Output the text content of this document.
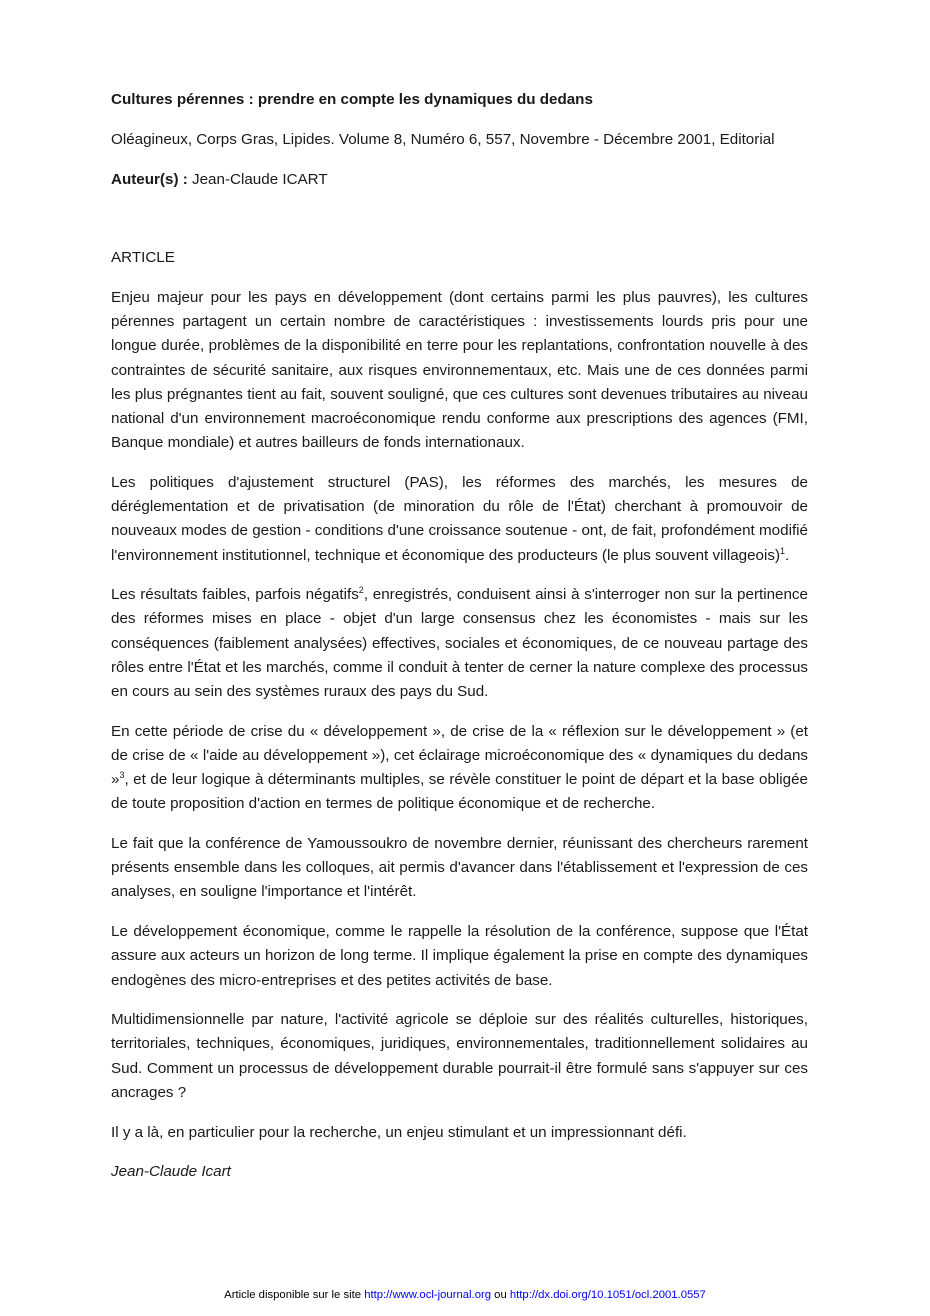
Cultures pérennes : prendre en compte les dynamiques du dedans
Oléagineux, Corps Gras, Lipides. Volume 8, Numéro 6, 557, Novembre - Décembre 2001, Editorial
Auteur(s) : Jean-Claude ICART
ARTICLE

Enjeu majeur pour les pays en développement (dont certains parmi les plus pauvres), les cultures pérennes partagent un certain nombre de caractéristiques : investissements lourds pris pour une longue durée, problèmes de la disponibilité en terre pour les replantations, confrontation nouvelle à des contraintes de sécurité sanitaire, aux risques environnementaux, etc. Mais une de ces données parmi les plus prégnantes tient au fait, souvent souligné, que ces cultures sont devenues tributaires au niveau national d'un environnement macroéconomique rendu conforme aux prescriptions des agences (FMI, Banque mondiale) et autres bailleurs de fonds internationaux.

Les politiques d'ajustement structurel (PAS), les réformes des marchés, les mesures de déréglementation et de privatisation (de minoration du rôle de l'État) cherchant à promouvoir de nouveaux modes de gestion - conditions d'une croissance soutenue - ont, de fait, profondément modifié l'environnement institutionnel, technique et économique des producteurs (le plus souvent villageois)$^1$.

Les résultats faibles, parfois négatifs$^2$, enregistrés, conduisent ainsi à s'interroger non sur la pertinence des réformes mises en place - objet d'un large consensus chez les économistes - mais sur les conséquences (faiblement analysées) effectives, sociales et économiques, de ce nouveau partage des rôles entre l'État et les marchés, comme il conduit à tenter de cerner la nature complexe des processus en cours au sein des systèmes ruraux des pays du Sud.

En cette période de crise du « développement », de crise de la « réflexion sur le développement » (et de crise de « l'aide au développement »), cet éclairage microéconomique des « dynamiques du dedans »$^3$, et de leur logique à déterminants multiples, se révèle constituer le point de départ et la base obligée de toute proposition d'action en termes de politique économique et de recherche.

Le fait que la conférence de Yamoussoukro de novembre dernier, réunissant des chercheurs rarement présents ensemble dans les colloques, ait permis d'avancer dans l'établissement et l'expression de ces analyses, en souligne l'importance et l'intérêt.

Le développement économique, comme le rappelle la résolution de la conférence, suppose que l'État assure aux acteurs un horizon de long terme. Il implique également la prise en compte des dynamiques endogènes des micro-entreprises et des petites activités de base.

Multidimensionnelle par nature, l'activité agricole se déploie sur des réalités culturelles, historiques, territoriales, techniques, économiques, juridiques, environnementales, traditionnellement solidaires au Sud. Comment un processus de développement durable pourrait-il être formulé sans s'appuyer sur ces ancrages ?

Il y a là, en particulier pour la recherche, un enjeu stimulant et un impressionnant défi.

Jean-Claude Icart

Article disponible sur le site http://www.ocl-journal.org ou http://dx.doi.org/10.1051/ocl.2001.0557
